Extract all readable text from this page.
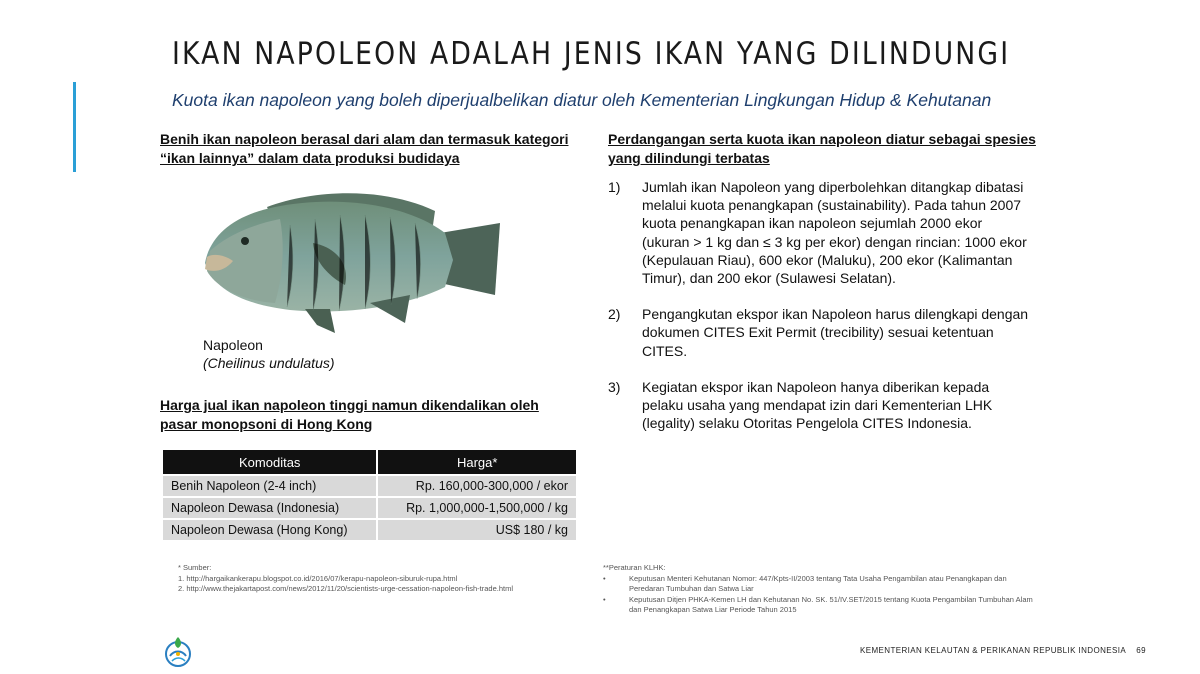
IKAN NAPOLEON ADALAH JENIS IKAN YANG DILINDUNGI
Kuota ikan napoleon yang boleh diperjualbelikan diatur oleh Kementerian Lingkungan Hidup & Kehutanan
Benih ikan napoleon berasal dari alam dan termasuk kategori “ikan lainnya” dalam data produksi budidaya
Napoleon
(Cheilinus undulatus)
Harga jual ikan napoleon tinggi namun dikendalikan oleh pasar monopsoni di Hong Kong
Komoditas	Harga*
Benih Napoleon (2-4 inch)	Rp. 160,000-300,000 / ekor
Napoleon Dewasa (Indonesia)	Rp. 1,000,000-1,500,000 / kg
Napoleon Dewasa (Hong Kong)	US$ 180 / kg
* Sumber:
1. http://hargaikankerapu.blogspot.co.id/2016/07/kerapu-napoleon-siburuk-rupa.html
2. http://www.thejakartapost.com/news/2012/11/20/scientists-urge-cessation-napoleon-fish-trade.html
Perdangangan serta kuota ikan napoleon diatur sebagai spesies yang dilindungi terbatas
1) Jumlah ikan Napoleon yang diperbolehkan ditangkap dibatasi melalui kuota penangkapan (sustainability). Pada tahun 2007 kuota penangkapan ikan napoleon sejumlah 2000 ekor (ukuran > 1 kg dan ≤ 3 kg per ekor) dengan rincian: 1000 ekor (Kepulauan Riau), 600 ekor (Maluku), 200 ekor (Kalimantan Timur), dan 200 ekor (Sulawesi Selatan).
2) Pengangkutan ekspor ikan Napoleon harus dilengkapi dengan dokumen CITES Exit Permit (trecibility) sesuai ketentuan CITES.
3) Kegiatan ekspor ikan Napoleon hanya diberikan kepada pelaku usaha yang mendapat izin dari Kementerian LHK (legality) selaku Otoritas Pengelola CITES Indonesia.
**Peraturan KLHK:
•	Keputusan Menteri Kehutanan Nomor: 447/Kpts-II/2003 tentang Tata Usaha Pengambilan atau Penangkapan dan Peredaran Tumbuhan dan Satwa Liar
•	Keputusan Ditjen PHKA-Kemen LH dan Kehutanan No. SK. 51/IV.SET/2015 tentang Kuota Pengambilan Tumbuhan Alam dan Penangkapan Satwa Liar Periode Tahun 2015
KEMENTERIAN KELAUTAN & PERIKANAN REPUBLIK INDONESIA 69
